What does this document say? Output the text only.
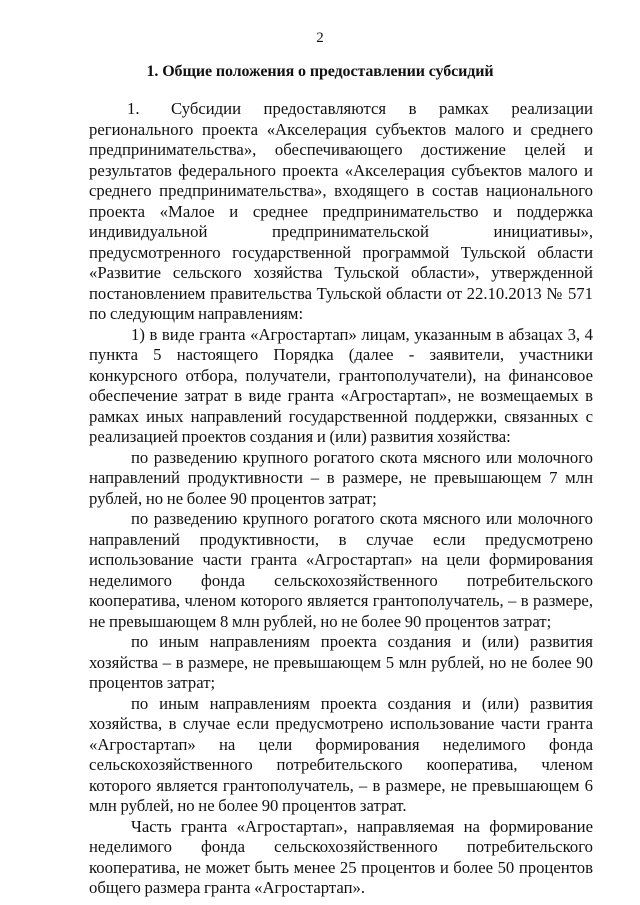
2
1. Общие положения о предоставлении субсидий

1. Субсидии предоставляются в рамках реализации регионального проекта «Акселерация субъектов малого и среднего предпринимательства», обеспечивающего достижение целей и результатов федерального проекта «Акселерация субъектов малого и среднего предпринимательства», входящего в состав национального проекта «Малое и среднее предпринимательство и поддержка индивидуальной предпринимательской инициативы», предусмотренного государственной программой Тульской области «Развитие сельского хозяйства Тульской области», утвержденной постановлением правительства Тульской области от 22.10.2013 № 571 по следующим направлениям:

1) в виде гранта «Агростартап» лицам, указанным в абзацах 3, 4 пункта 5 настоящего Порядка (далее - заявители, участники конкурсного отбора, получатели, грантополучатели), на финансовое обеспечение затрат в виде гранта «Агростартап», не возмещаемых в рамках иных направлений государственной поддержки, связанных с реализацией проектов создания и (или) развития хозяйства:

по разведению крупного рогатого скота мясного или молочного направлений продуктивности – в размере, не превышающем 7 млн рублей, но не более 90 процентов затрат;

по разведению крупного рогатого скота мясного или молочного направлений продуктивности, в случае если предусмотрено использование части гранта «Агростартап» на цели формирования неделимого фонда сельскохозяйственного потребительского кооператива, членом которого является грантополучатель, – в размере, не превышающем 8 млн рублей, но не более 90 процентов затрат;

по иным направлениям проекта создания и (или) развития хозяйства – в размере, не превышающем 5 млн рублей, но не более 90 процентов затрат;

по иным направлениям проекта создания и (или) развития хозяйства, в случае если предусмотрено использование части гранта «Агростартап» на цели формирования неделимого фонда сельскохозяйственного потребительского кооператива, членом которого является грантополучатель, – в размере, не превышающем 6 млн рублей, но не более 90 процентов затрат.

Часть гранта «Агростартап», направляемая на формирование неделимого фонда сельскохозяйственного потребительского кооператива, не может быть менее 25 процентов и более 50 процентов общего размера гранта «Агростартап».
